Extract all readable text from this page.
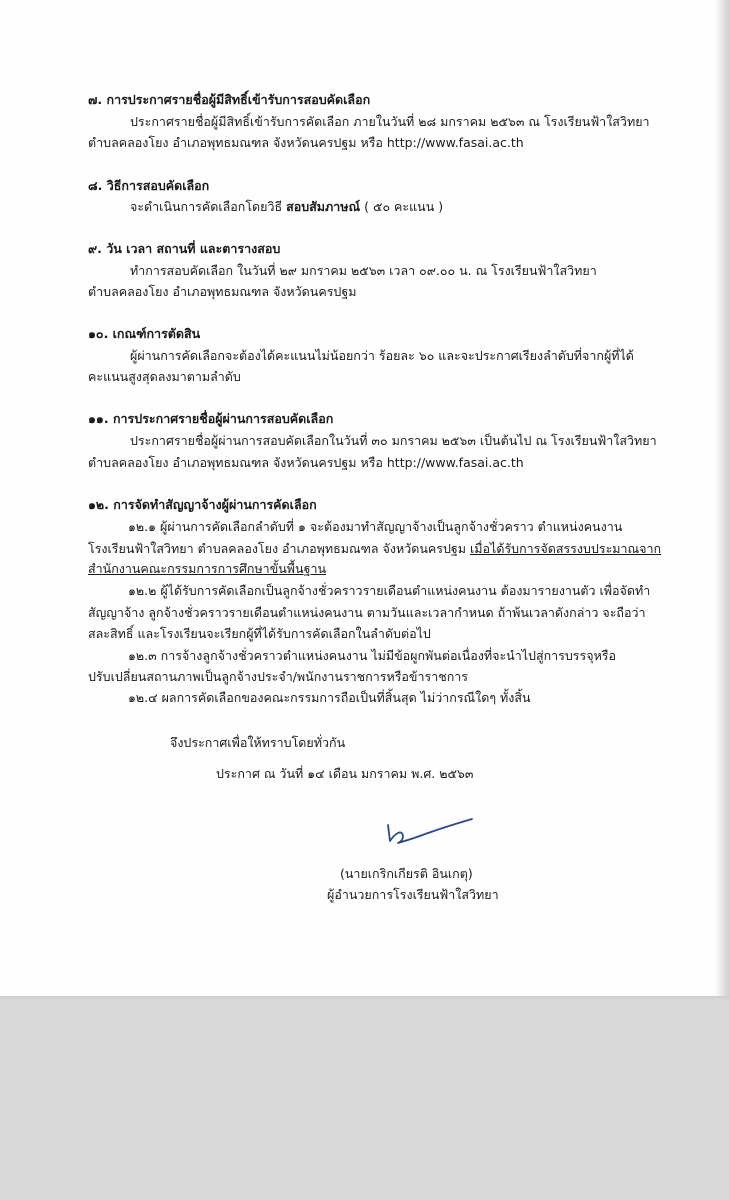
๗. การประกาศรายชื่อผู้มีสิทธิ์เข้ารับการสอบคัดเลือก
ประกาศรายชื่อผู้มีสิทธิ์เข้ารับการคัดเลือก ภายในวันที่ ๒๘ มกราคม ๒๕๖๓ ณ โรงเรียนฟ้าใสวิทยา
ตำบลคลองโยง อำเภอพุทธมณฑล จังหวัดนครปฐม หรือ http://www.fasai.ac.th
๘. วิธีการสอบคัดเลือก
จะดำเนินการคัดเลือกโดยวิธี สอบสัมภาษณ์ ( ๕๐ คะแนน )
๙. วัน เวลา สถานที่ และตารางสอบ
ทำการสอบคัดเลือก ในวันที่ ๒๙ มกราคม ๒๕๖๓ เวลา ๐๙.๐๐ น. ณ โรงเรียนฟ้าใสวิทยา
ตำบลคลองโยง อำเภอพุทธมณฑล จังหวัดนครปฐม
๑๐. เกณฑ์การตัดสิน
ผู้ผ่านการคัดเลือกจะต้องได้คะแนนไม่น้อยกว่า ร้อยละ ๖๐ และจะประกาศเรียงลำดับที่จากผู้ที่ได้
คะแนนสูงสุดลงมาตามลำดับ
๑๑. การประกาศรายชื่อผู้ผ่านการสอบคัดเลือก
ประกาศรายชื่อผู้ผ่านการสอบคัดเลือกในวันที่ ๓๐ มกราคม ๒๕๖๓ เป็นต้นไป ณ โรงเรียนฟ้าใสวิทยา
ตำบลคลองโยง อำเภอพุทธมณฑล จังหวัดนครปฐม หรือ http://www.fasai.ac.th
๑๒. การจัดทำสัญญาจ้างผู้ผ่านการคัดเลือก
๑๒.๑ ผู้ผ่านการคัดเลือกลำดับที่ ๑ จะต้องมาทำสัญญาจ้างเป็นลูกจ้างชั่วคราว ตำแหน่งคนงาน
โรงเรียนฟ้าใสวิทยา ตำบลคลองโยง อำเภอพุทธมณฑล จังหวัดนครปฐม เมื่อได้รับการจัดสรรงบประมาณจาก
สำนักงานคณะกรรมการการศึกษาขั้นพื้นฐาน
๑๒.๒ ผู้ได้รับการคัดเลือกเป็นลูกจ้างชั่วคราวรายเดือนตำแหน่งคนงาน ต้องมารายงานตัว เพื่อจัดทำ
สัญญาจ้าง ลูกจ้างชั่วคราวรายเดือนตำแหน่งคนงาน ตามวันและเวลากำหนด ถ้าพ้นเวลาดังกล่าว จะถือว่า
สละสิทธิ์ และโรงเรียนจะเรียกผู้ที่ได้รับการคัดเลือกในลำดับต่อไป
๑๒.๓ การจ้างลูกจ้างชั่วคราวตำแหน่งคนงาน ไม่มีข้อผูกพันต่อเนื่องที่จะนำไปสู่การบรรจุหรือ
ปรับเปลี่ยนสถานภาพเป็นลูกจ้างประจำ/พนักงานราชการหรือข้าราชการ
๑๒.๔ ผลการคัดเลือกของคณะกรรมการถือเป็นที่สิ้นสุด ไม่ว่ากรณีใดๆ ทั้งสิ้น
จึงประกาศเพื่อให้ทราบโดยทั่วกัน
ประกาศ ณ วันที่ ๑๔ เดือน มกราคม พ.ศ. ๒๕๖๓
(นายเกริกเกียรติ อินเกตุ)
ผู้อำนวยการโรงเรียนฟ้าใสวิทยา
